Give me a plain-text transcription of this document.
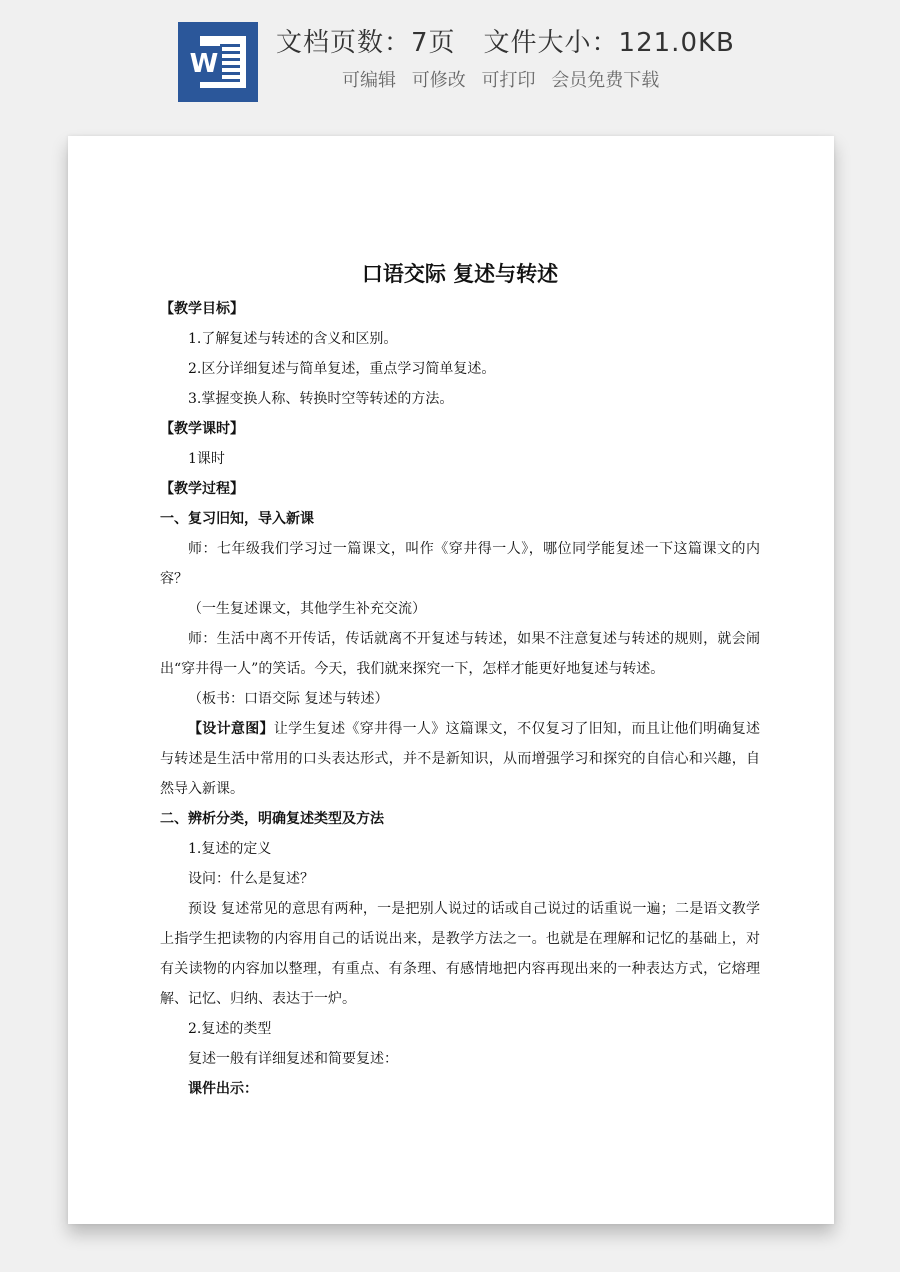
W
文档页数：7页 文件大小：121.0KB
可编辑 可修改 可打印 会员免费下载
口语交际 复述与转述

【教学目标】

1.了解复述与转述的含义和区别。

2.区分详细复述与简单复述，重点学习简单复述。

3.掌握变换人称、转换时空等转述的方法。

【教学课时】

1课时

【教学过程】

一、复习旧知，导入新课

师：七年级我们学习过一篇课文，叫作《穿井得一人》，哪位同学能复述一下这篇课文的内容？

（一生复述课文，其他学生补充交流）

师：生活中离不开传话，传话就离不开复述与转述，如果不注意复述与转述的规则，就会闹出“穿井得一人”的笑话。今天，我们就来探究一下，怎样才能更好地复述与转述。

（板书：口语交际 复述与转述）

【设计意图】让学生复述《穿井得一人》这篇课文，不仅复习了旧知，而且让他们明确复述与转述是生活中常用的口头表达形式，并不是新知识，从而增强学习和探究的自信心和兴趣，自然导入新课。

二、辨析分类，明确复述类型及方法

1.复述的定义

设问：什么是复述？

预设 复述常见的意思有两种，一是把别人说过的话或自己说过的话重说一遍；二是语文教学上指学生把读物的内容用自己的话说出来，是教学方法之一。也就是在理解和记忆的基础上，对有关读物的内容加以整理，有重点、有条理、有感情地把内容再现出来的一种表达方式，它熔理解、记忆、归纳、表达于一炉。

2.复述的类型

复述一般有详细复述和简要复述：

课件出示：
